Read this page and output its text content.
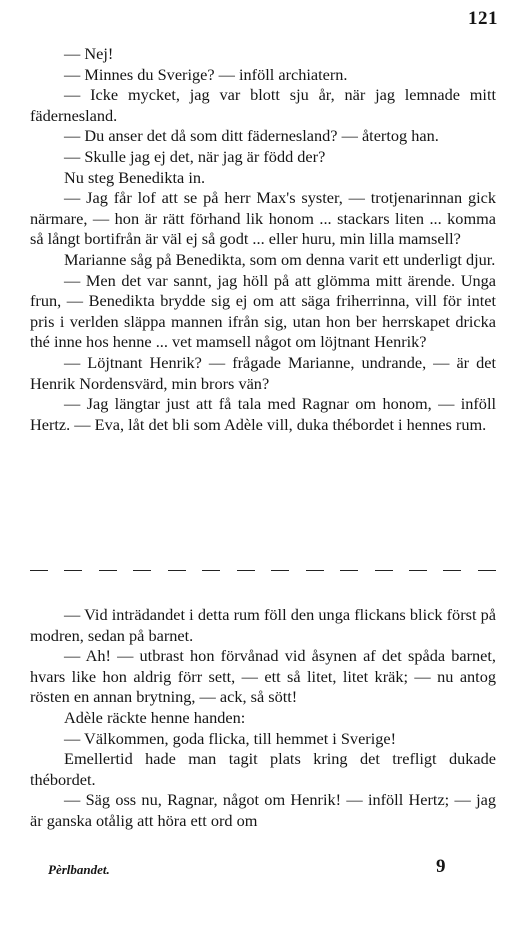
121

— Nej!

— Minnes du Sverige? — inföll archiatern.

— Icke mycket, jag var blott sju år, när jag lemnade mitt fädernesland.

— Du anser det då som ditt fädernesland? — återtog han.

— Skulle jag ej det, när jag är född der?

Nu steg Benedikta in.

— Jag får lof att se på herr Max's syster, — trotjenarinnan gick närmare, — hon är rätt förhand lik honom ... stackars liten ... komma så långt bortifrån är väl ej så godt ... eller huru, min lilla mamsell?

Marianne såg på Benedikta, som om denna varit ett underligt djur.

— Men det var sannt, jag höll på att glömma mitt ärende. Unga frun, — Benedikta brydde sig ej om att säga friherrinna, vill för intet pris i verlden släppa mannen ifrån sig, utan hon ber herrskapet dricka thé inne hos henne ... vet mamsell något om löjtnant Henrik?

— Löjtnant Henrik? — frågade Marianne, undrande, — är det Henrik Nordensvärd, min brors vän?

— Jag längtar just att få tala med Ragnar om honom, — inföll Hertz. — Eva, låt det bli som Adèle vill, duka thébordet i hennes rum.

— Vid inträdandet i detta rum föll den unga flickans blick först på modren, sedan på barnet.

— Ah! — utbrast hon förvånad vid åsynen af det spåda barnet, hvars like hon aldrig förr sett, — ett så litet, litet kräk; — nu antog rösten en annan brytning, — ack, så sött!

Adèle räckte henne handen:

— Välkommen, goda flicka, till hemmet i Sverige!

Emellertid hade man tagit plats kring det trefligt dukade thébordet.

— Säg oss nu, Ragnar, något om Henrik! — inföll Hertz; — jag är ganska otålig att höra ett ord om

Pèrlbandet.	9
